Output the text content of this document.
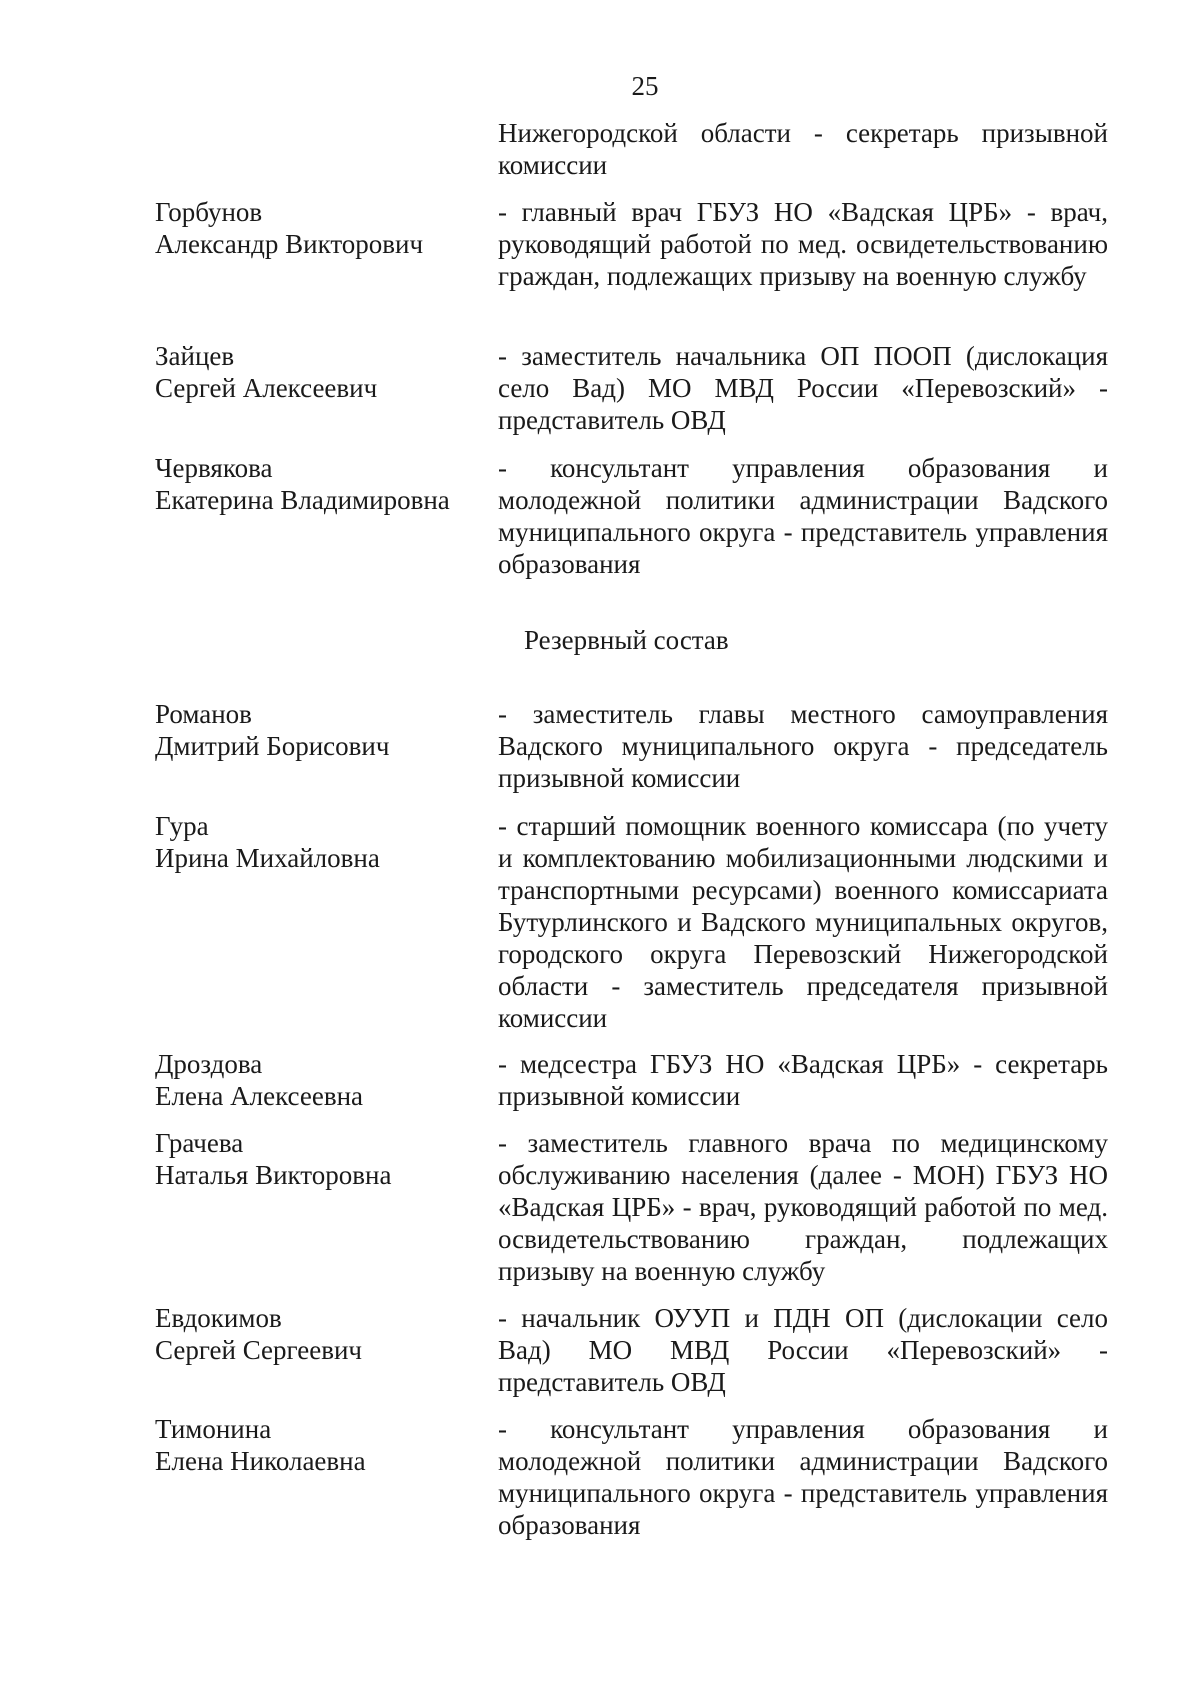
25
Нижегородской области - секретарь призывной комиссии
Горбунов
Александр Викторович
- главный врач ГБУЗ НО «Вадская ЦРБ» - врач, руководящий работой по мед. освидетельствованию граждан, подлежащих призыву на военную службу
Зайцев
Сергей Алексеевич
- заместитель начальника ОП ПООП (дислокация село Вад) МО МВД России «Перевозский» - представитель ОВД
Червякова
Екатерина Владимировна
- консультант управления образования и молодежной политики администрации Вадского муниципального округа - представитель управления образования
Резервный состав
Романов
Дмитрий Борисович
- заместитель главы местного самоуправления Вадского муниципального округа - председатель призывной комиссии
Гура
Ирина Михайловна
- старший помощник военного комиссара (по учету и комплектованию мобилизационными людскими и транспортными ресурсами) военного комиссариата Бутурлинского и Вадского муниципальных округов, городского округа Перевозский Нижегородской области - заместитель председателя призывной комиссии
Дроздова
Елена Алексеевна
- медсестра ГБУЗ НО «Вадская ЦРБ» - секретарь призывной комиссии
Грачева
Наталья Викторовна
- заместитель главного врача по медицинскому обслуживанию населения (далее - МОН) ГБУЗ НО «Вадская ЦРБ» - врач, руководящий работой по мед. освидетельствованию граждан, подлежащих призыву на военную службу
Евдокимов
Сергей Сергеевич
- начальник ОУУП и ПДН ОП (дислокации село Вад) МО МВД России «Перевозский» - представитель ОВД
Тимонина
Елена Николаевна
- консультант управления образования и молодежной политики администрации Вадского муниципального округа - представитель управления образования
